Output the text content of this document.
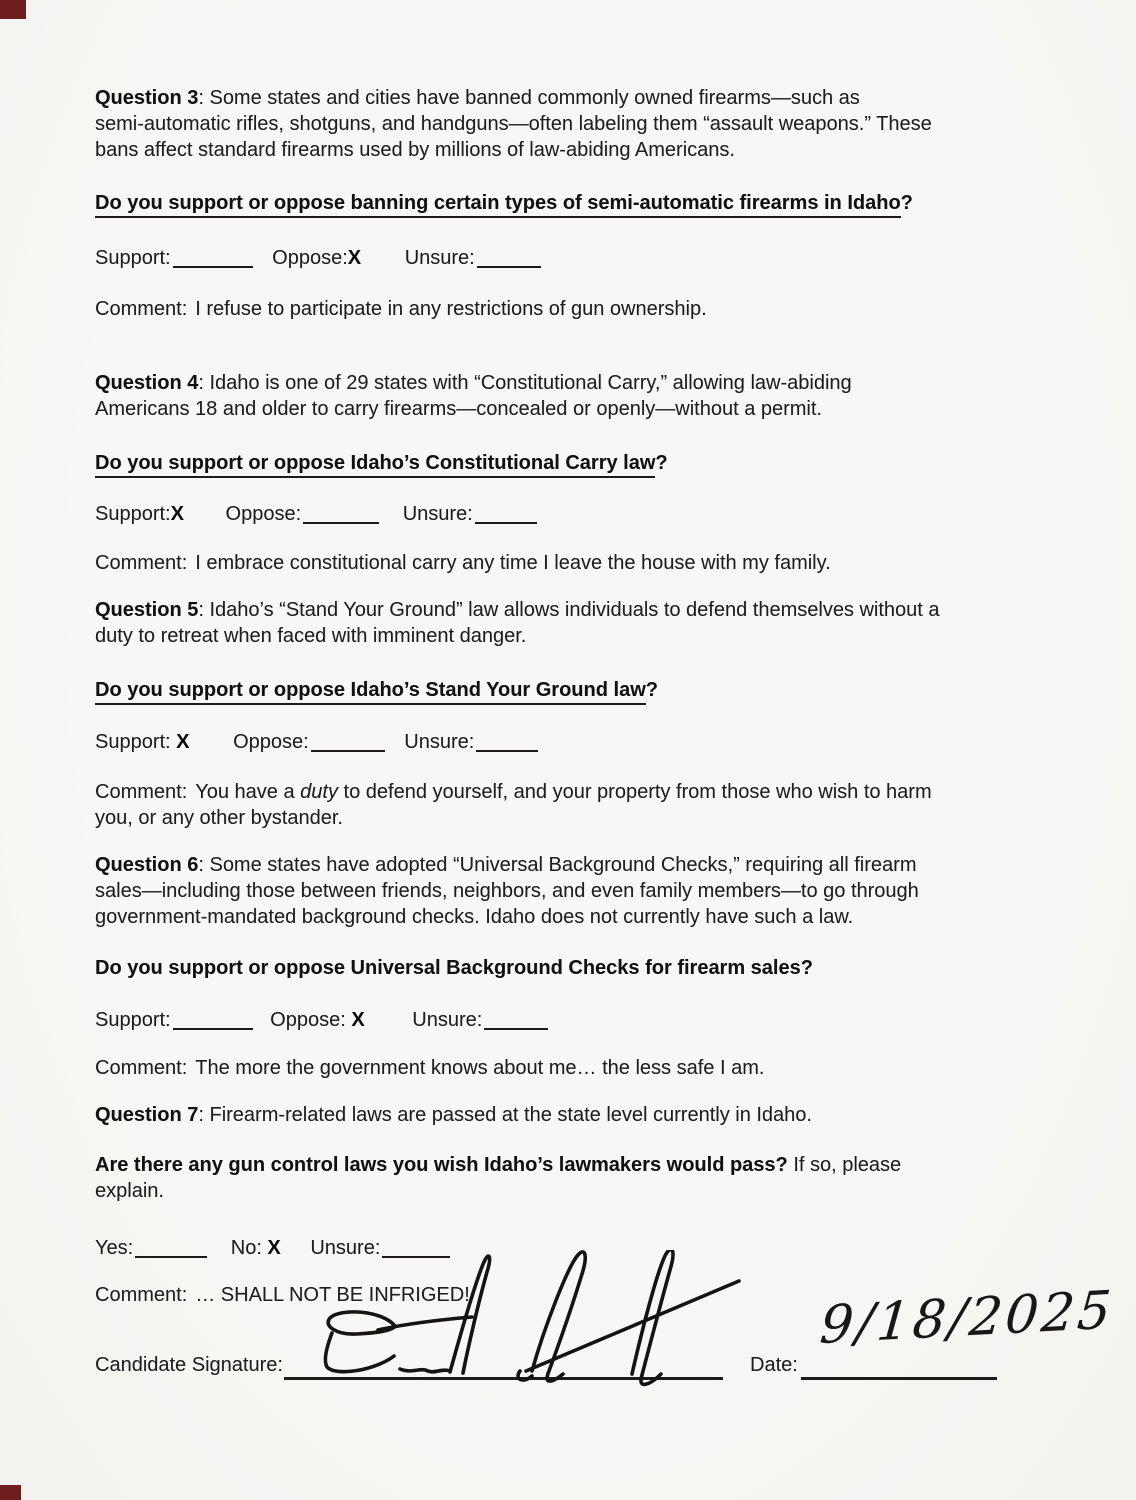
Question 3: Some states and cities have banned commonly owned firearms—such as
semi-automatic rifles, shotguns, and handguns—often labeling them “assault weapons.” These
bans affect standard firearms used by millions of law-abiding Americans.
Do you support or oppose banning certain types of semi-automatic firearms in Idaho?
Support:	Oppose:X Unsure:
Comment: I refuse to participate in any restrictions of gun ownership.
Question 4: Idaho is one of 29 states with “Constitutional Carry,” allowing law-abiding
Americans 18 and older to carry firearms—concealed or openly—without a permit.
Do you support or oppose Idaho’s Constitutional Carry law?
Support:X Oppose:	Unsure:
Comment: I embrace constitutional carry any time I leave the house with my family.
Question 5: Idaho’s “Stand Your Ground” law allows individuals to defend themselves without a
duty to retreat when faced with imminent danger.
Do you support or oppose Idaho’s Stand Your Ground law?
Support: X Oppose:	Unsure:
Comment: You have a duty to defend yourself, and your property from those who wish to harm
you, or any other bystander.
Question 6: Some states have adopted “Universal Background Checks,” requiring all firearm
sales—including those between friends, neighbors, and even family members—to go through
government-mandated background checks. Idaho does not currently have such a law.
Do you support or oppose Universal Background Checks for firearm sales?
Support:	Oppose: X Unsure:
Comment: The more the government knows about me… the less safe I am.
Question 7: Firearm-related laws are passed at the state level currently in Idaho.
Are there any gun control laws you wish Idaho’s lawmakers would pass? If so, please
explain.
Yes:	No: X Unsure:
Comment: … SHALL NOT BE INFRIGED!
Candidate Signature:	Date:
9/18/2025
